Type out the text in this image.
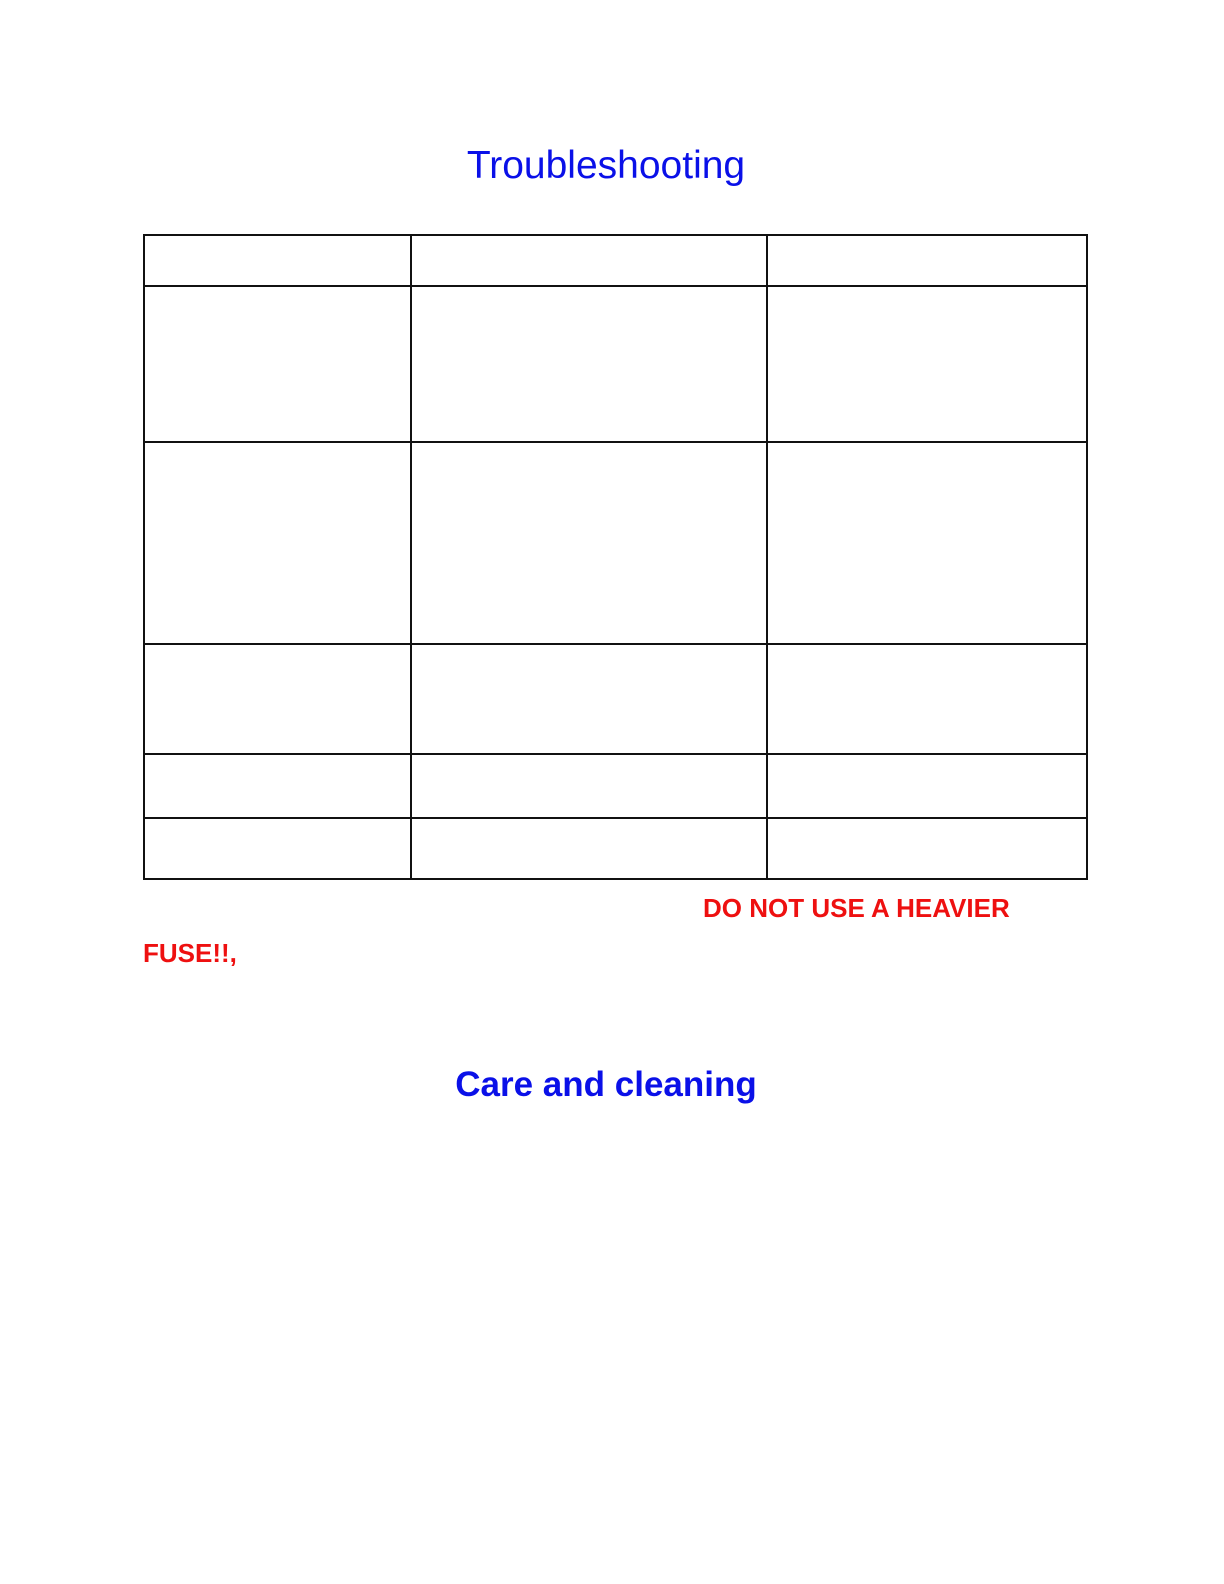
Troubleshooting

DO NOT USE A HEAVIER
FUSE!!,
Care and cleaning
